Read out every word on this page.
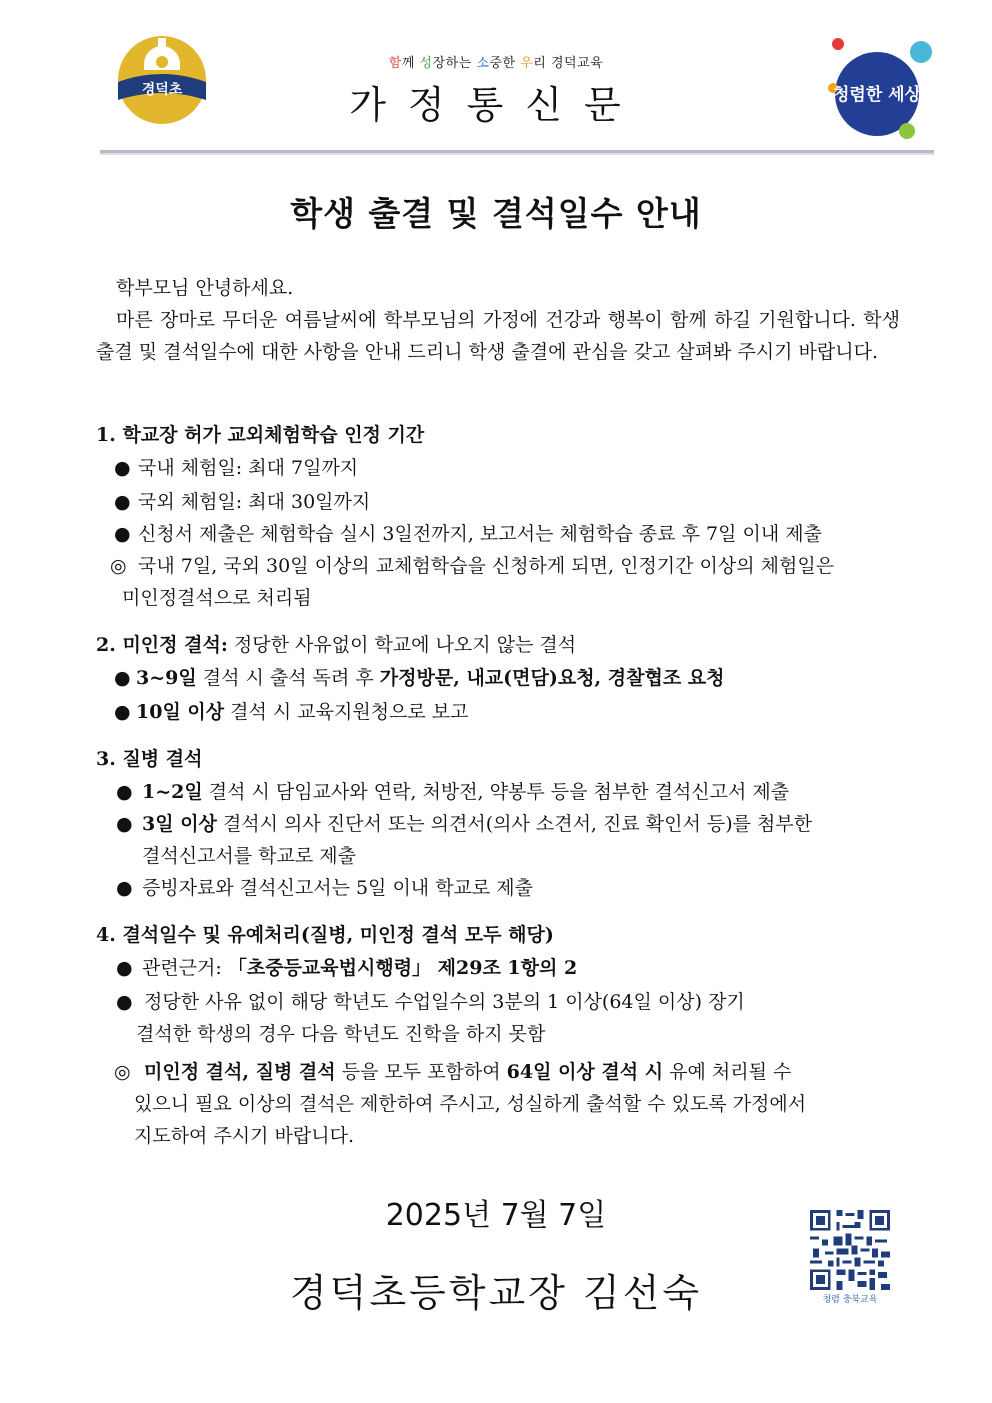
경덕초
함께 성장하는 소중한 우리 경덕교육
가정통신문	청렴한 세상
학생 출결 및 결석일수 안내
학부모님 안녕하세요.
마른 장마로 무더운 여름날씨에 학부모님의 가정에 건강과 행복이 함께 하길 기원합니다. 학생 출결 및 결석일수에 대한 사항을 안내 드리니 학생 출결에 관심을 갖고 살펴봐 주시기 바랍니다.
1. 학교장 허가 교외체험학습 인정 기간
● 국내 체험일: 최대 7일까지
● 국외 체험일: 최대 30일까지
● 신청서 제출은 체험학습 실시 3일전까지, 보고서는 체험학습 종료 후 7일 이내 제출
◎ 국내 7일, 국외 30일 이상의 교체험학습을 신청하게 되면, 인정기간 이상의 체험일은
미인정결석으로 처리됨
2. 미인정 결석: 정당한 사유없이 학교에 나오지 않는 결석
● 3~9일 결석 시 출석 독려 후 가정방문, 내교(면담)요청, 경찰협조 요청
● 10일 이상 결석 시 교육지원청으로 보고
3. 질병 결석
● 1~2일 결석 시 담임교사와 연락, 처방전, 약봉투 등을 첨부한 결석신고서 제출
● 3일 이상 결석시 의사 진단서 또는 의견서(의사 소견서, 진료 확인서 등)를 첨부한
결석신고서를 학교로 제출
● 증빙자료와 결석신고서는 5일 이내 학교로 제출
4. 결석일수 및 유예처리(질병, 미인정 결석 모두 해당)
● 관련근거: 「초중등교육법시행령」 제29조 1항의 2
● 정당한 사유 없이 해당 학년도 수업일수의 3분의 1 이상(64일 이상) 장기
결석한 학생의 경우 다음 학년도 진학을 하지 못함
◎ 미인정 결석, 질병 결석 등을 모두 포함하여 64일 이상 결석 시 유예 처리될 수
있으니 필요 이상의 결석은 제한하여 주시고, 성실하게 출석할 수 있도록 가정에서
지도하여 주시기 바랍니다.
2025년 7월 7일
경덕초등학교장 김선숙	청렴 충북교육
